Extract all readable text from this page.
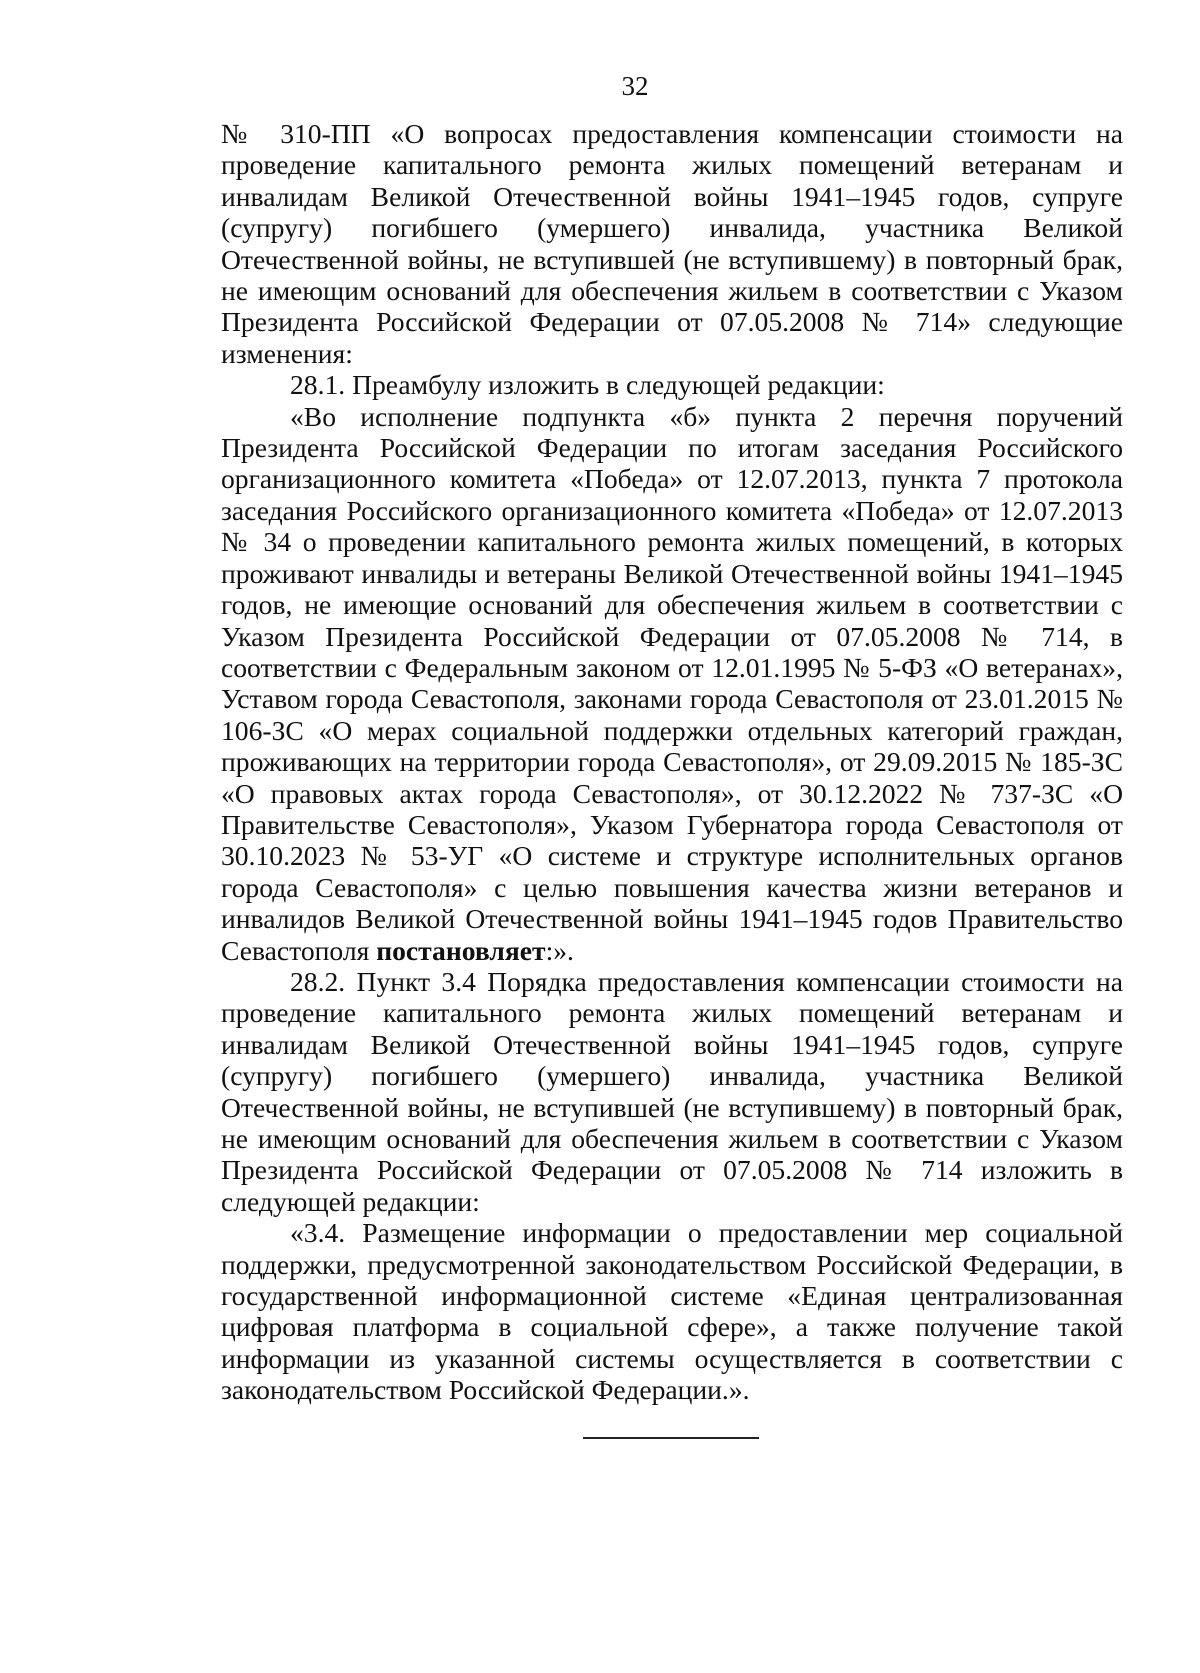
32

№ 310-ПП «О вопросах предоставления компенсации стоимости на проведение капитального ремонта жилых помещений ветеранам и инвалидам Великой Отечественной войны 1941–1945 годов, супруге (супругу) погибшего (умершего) инвалида, участника Великой Отечественной войны, не вступившей (не вступившему) в повторный брак, не имеющим оснований для обеспечения жильем в соответствии с Указом Президента Российской Федерации от 07.05.2008 № 714» следующие изменения:

28.1. Преамбулу изложить в следующей редакции:

«Во исполнение подпункта «б» пункта 2 перечня поручений Президента Российской Федерации по итогам заседания Российского организационного комитета «Победа» от 12.07.2013, пункта 7 протокола заседания Российского организационного комитета «Победа» от 12.07.2013 № 34 о проведении капитального ремонта жилых помещений, в которых проживают инвалиды и ветераны Великой Отечественной войны 1941–1945 годов, не имеющие оснований для обеспечения жильем в соответствии с Указом Президента Российской Федерации от 07.05.2008 № 714, в соответствии с Федеральным законом от 12.01.1995 № 5-ФЗ «О ветеранах», Уставом города Севастополя, законами города Севастополя от 23.01.2015 № 106-ЗС «О мерах социальной поддержки отдельных категорий граждан, проживающих на территории города Севастополя», от 29.09.2015 № 185-ЗС «О правовых актах города Севастополя», от 30.12.2022 № 737-ЗС «О Правительстве Севастополя», Указом Губернатора города Севастополя от 30.10.2023 № 53-УГ «О системе и структуре исполнительных органов города Севастополя» с целью повышения качества жизни ветеранов и инвалидов Великой Отечественной войны 1941–1945 годов Правительство Севастополя постановляет:».

28.2. Пункт 3.4 Порядка предоставления компенсации стоимости на проведение капитального ремонта жилых помещений ветеранам и инвалидам Великой Отечественной войны 1941–1945 годов, супруге (супругу) погибшего (умершего) инвалида, участника Великой Отечественной войны, не вступившей (не вступившему) в повторный брак, не имеющим оснований для обеспечения жильем в соответствии с Указом Президента Российской Федерации от 07.05.2008 № 714 изложить в следующей редакции:

«3.4. Размещение информации о предоставлении мер социальной поддержки, предусмотренной законодательством Российской Федерации, в государственной информационной системе «Единая централизованная цифровая платформа в социальной сфере», а также получение такой информации из указанной системы осуществляется в соответствии с законодательством Российской Федерации.».
